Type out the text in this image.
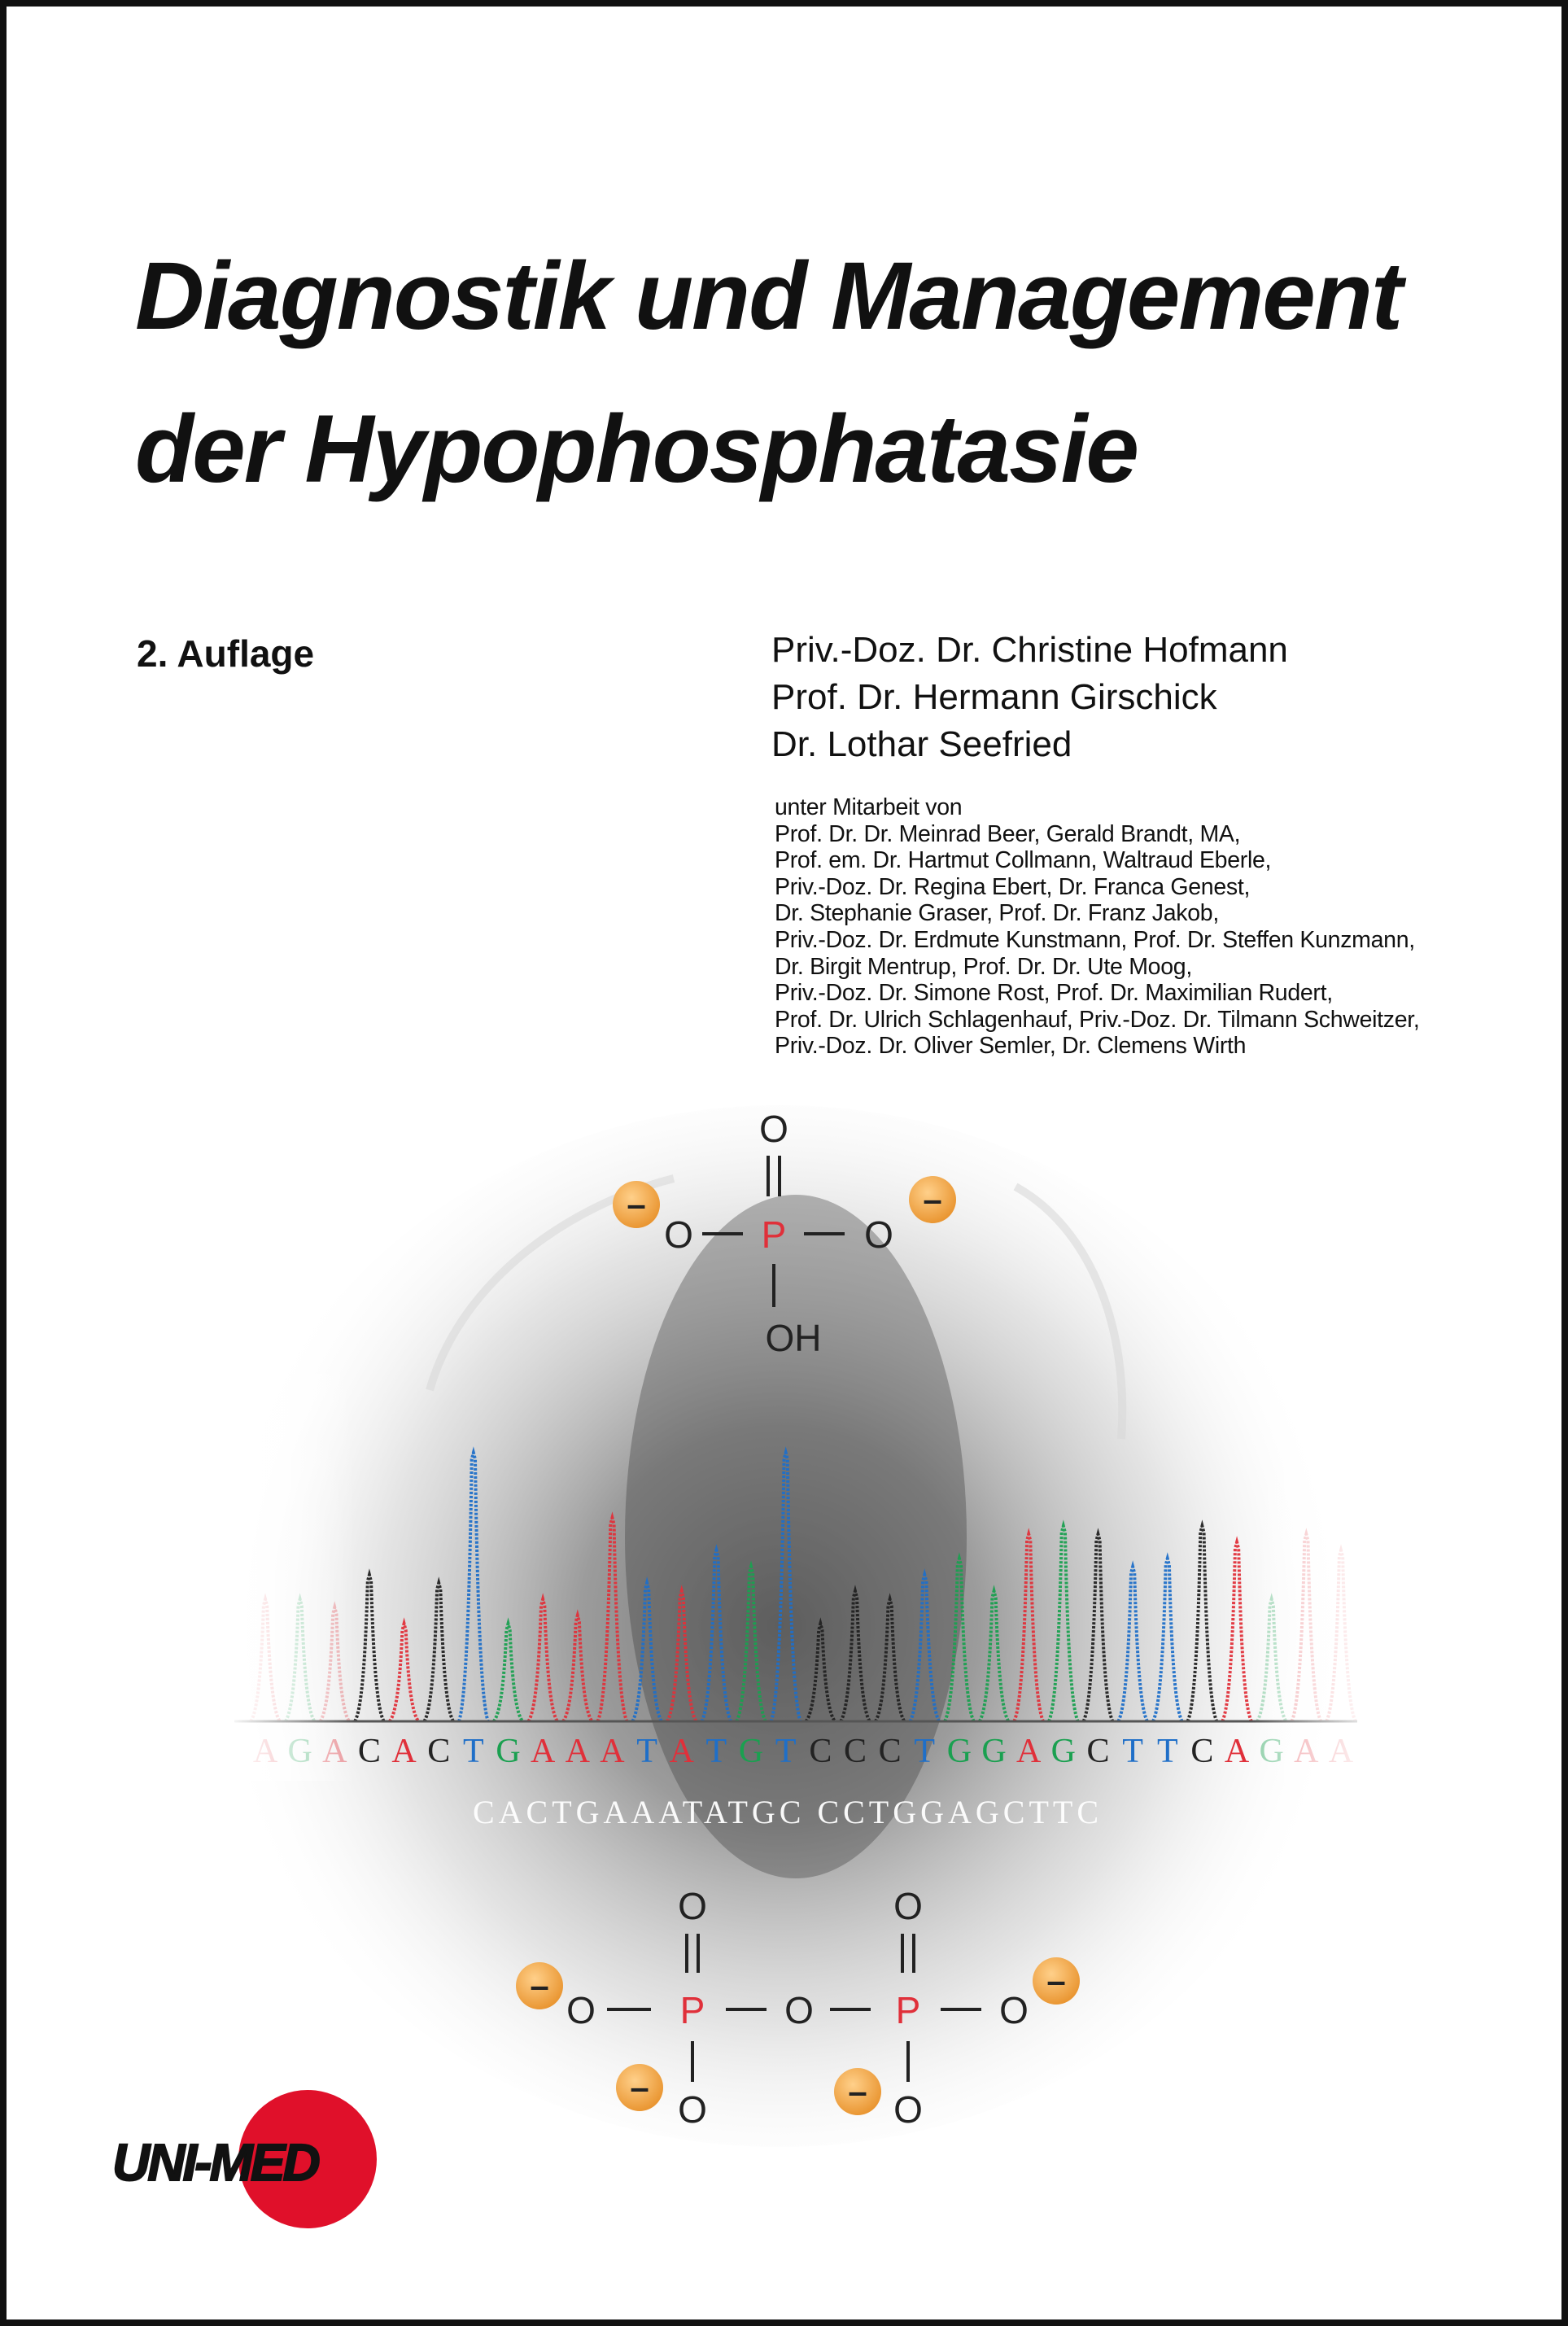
Diagnostik und Management
der Hypophosphatasie
2. Auflage	Priv.-Doz. Dr. Christine Hofmann
Prof. Dr. Hermann Girschick
Dr. Lothar Seefried
unter Mitarbeit von
Prof. Dr. Dr. Meinrad Beer, Gerald Brandt, MA,
Prof. em. Dr. Hartmut Collmann, Waltraud Eberle,
Priv.-Doz. Dr. Regina Ebert, Dr. Franca Genest,
Dr. Stephanie Graser, Prof. Dr. Franz Jakob,
Priv.-Doz. Dr. Erdmute Kunstmann, Prof. Dr. Steffen Kunzmann,
Dr. Birgit Mentrup, Prof. Dr. Dr. Ute Moog,
Priv.-Doz. Dr. Simone Rost, Prof. Dr. Maximilian Rudert,
Prof. Dr. Ulrich Schlagenhauf, Priv.-Doz. Dr. Tilmann Schweitzer,
Priv.-Doz. Dr. Oliver Semler, Dr. Clemens Wirth
C A C T G A A A T A T G T C C C T G G A G C T T C A
CACTGAAATATGC CCTGGAGCTTC
O
O P O
OH
–	–
O	O
O P O P O
O	O
–	–
–	–
UNI-MED
